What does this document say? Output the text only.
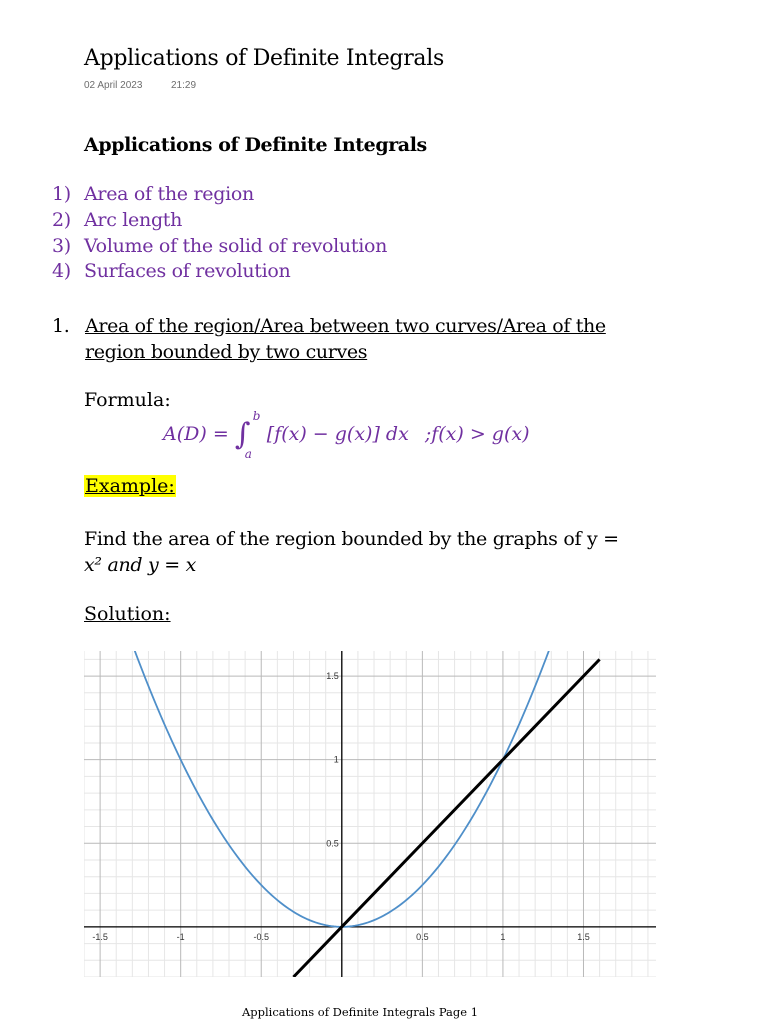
Applications of Definite Integrals
02 April 2023	21:29
Applications of Definite Integrals
1) Area of the region
2) Arc length
3) Volume of the solid of revolution
4) Surfaces of revolution
1. Area of the region/Area between two curves/Area of the
region bounded by two curves
Formula:
A(D) = ∫
b
a
[f(x) − g(x)] dx ;f(x) > g(x)
Example:
Find the area of the region bounded by the graphs of y =
x² and y = x
Solution:
-1.5	-1	-0.5	0.5	1	1.5
0.5
1
1.5
Applications of Definite Integrals Page 1
